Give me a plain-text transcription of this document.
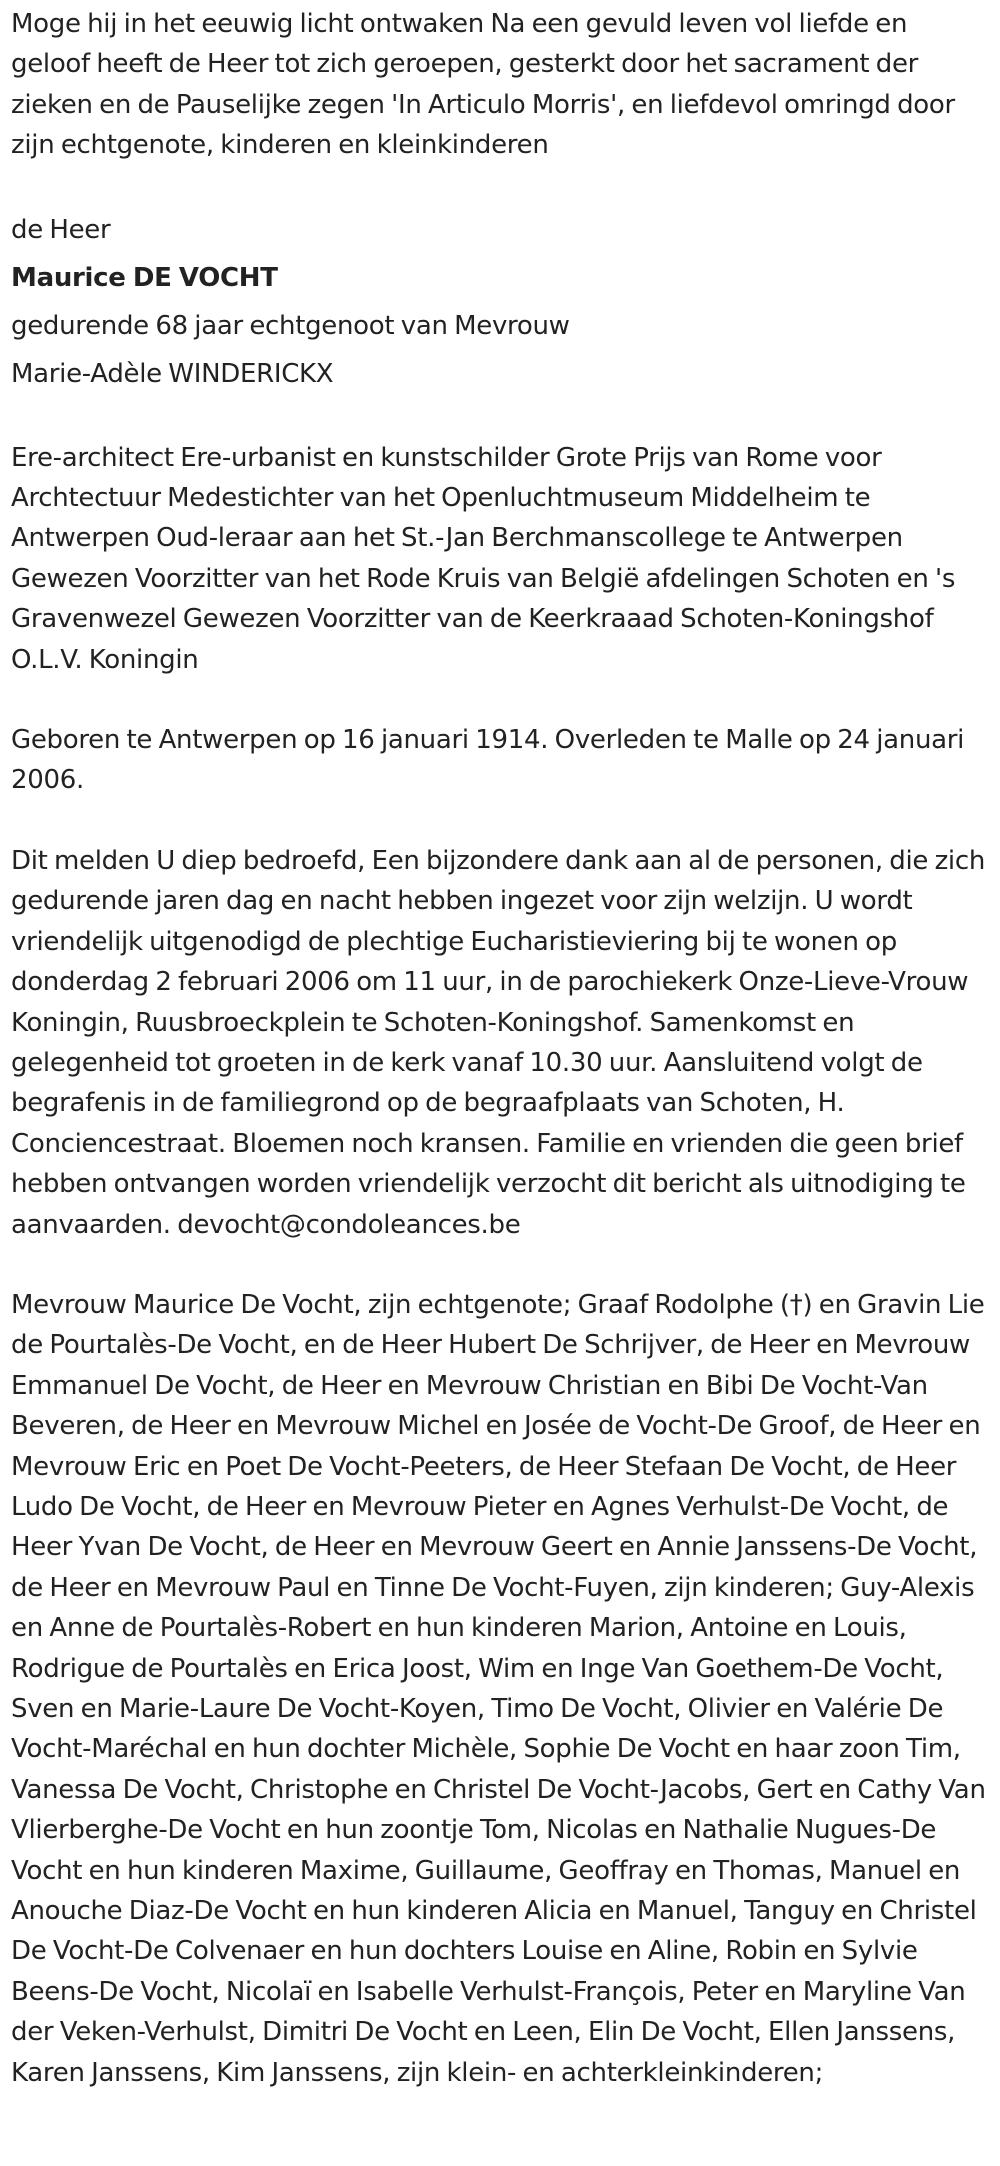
Moge hij in het eeuwig licht ontwaken Na een gevuld leven vol liefde en geloof heeft de Heer tot zich geroepen, gesterkt door het sacrament der zieken en de Pauselijke zegen 'In Articulo Morris', en liefdevol omringd door zijn echtgenote, kinderen en kleinkinderen

de Heer

Maurice DE VOCHT

gedurende 68 jaar echtgenoot van Mevrouw

Marie-Adèle WINDERICKX

Ere-architect Ere-urbanist en kunstschilder Grote Prijs van Rome voor Archtectuur Medestichter van het Openluchtmuseum Middelheim te Antwerpen Oud-leraar aan het St.-Jan Berchmanscollege te Antwerpen Gewezen Voorzitter van het Rode Kruis van België afdelingen Schoten en 's Gravenwezel Gewezen Voorzitter van de Keerkraaad Schoten-Koningshof O.L.V. Koningin

Geboren te Antwerpen op 16 januari 1914. Overleden te Malle op 24 januari 2006.

Dit melden U diep bedroefd, Een bijzondere dank aan al de personen, die zich gedurende jaren dag en nacht hebben ingezet voor zijn welzijn. U wordt vriendelijk uitgenodigd de plechtige Eucharistieviering bij te wonen op donderdag 2 februari 2006 om 11 uur, in de parochiekerk Onze-Lieve-Vrouw Koningin, Ruusbroeckplein te Schoten-Koningshof. Samenkomst en gelegenheid tot groeten in de kerk vanaf 10.30 uur. Aansluitend volgt de begrafenis in de familiegrond op de begraafplaats van Schoten, H. Conciencestraat. Bloemen noch kransen. Familie en vrienden die geen brief hebben ontvangen worden vriendelijk verzocht dit bericht als uitnodiging te aanvaarden. devocht@condoleances.be

Mevrouw Maurice De Vocht, zijn echtgenote; Graaf Rodolphe (†) en Gravin Lie de Pourtalès-De Vocht, en de Heer Hubert De Schrijver, de Heer en Mevrouw Emmanuel De Vocht, de Heer en Mevrouw Christian en Bibi De Vocht-Van Beveren, de Heer en Mevrouw Michel en Josée de Vocht-De Groof, de Heer en Mevrouw Eric en Poet De Vocht-Peeters, de Heer Stefaan De Vocht, de Heer Ludo De Vocht, de Heer en Mevrouw Pieter en Agnes Verhulst-De Vocht, de Heer Yvan De Vocht, de Heer en Mevrouw Geert en Annie Janssens-De Vocht, de Heer en Mevrouw Paul en Tinne De Vocht-Fuyen, zijn kinderen; Guy-Alexis en Anne de Pourtalès-Robert en hun kinderen Marion, Antoine en Louis, Rodrigue de Pourtalès en Erica Joost, Wim en Inge Van Goethem-De Vocht, Sven en Marie-Laure De Vocht-Koyen, Timo De Vocht, Olivier en Valérie De Vocht-Maréchal en hun dochter Michèle, Sophie De Vocht en haar zoon Tim, Vanessa De Vocht, Christophe en Christel De Vocht-Jacobs, Gert en Cathy Van Vlierberghe-De Vocht en hun zoontje Tom, Nicolas en Nathalie Nugues-De Vocht en hun kinderen Maxime, Guillaume, Geoffray en Thomas, Manuel en Anouche Diaz-De Vocht en hun kinderen Alicia en Manuel, Tanguy en Christel De Vocht-De Colvenaer en hun dochters Louise en Aline, Robin en Sylvie Beens-De Vocht, Nicolaï en Isabelle Verhulst-François, Peter en Maryline Van der Veken-Verhulst, Dimitri De Vocht en Leen, Elin De Vocht, Ellen Janssens, Karen Janssens, Kim Janssens, zijn klein- en achterkleinkinderen;
